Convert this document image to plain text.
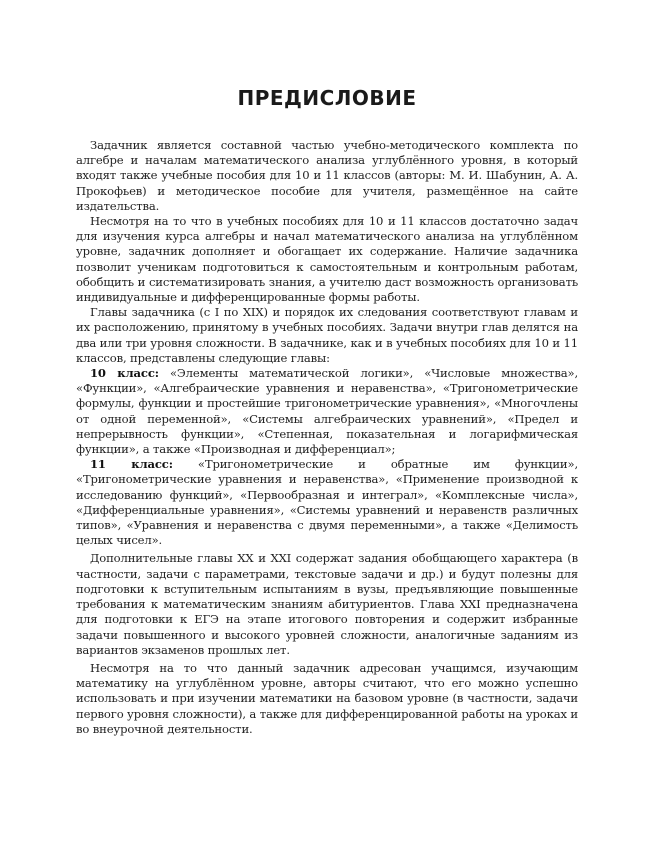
ПРЕДИСЛОВИЕ

Задачник является составной частью учебно-методического комплекта по алгебре и началам математического анализа углублённого уровня, в который входят также учебные пособия для 10 и 11 классов (авторы: М. И. Шабунин, А. А. Прокофьев) и методическое пособие для учителя, размещённое на сайте издательства.

Несмотря на то что в учебных пособиях для 10 и 11 классов достаточно задач для изучения курса алгебры и начал математического анализа на углублённом уровне, задачник дополняет и обогащает их содержание. Наличие задачника позволит ученикам подготовиться к самостоятельным и контрольным работам, обобщить и систематизировать знания, а учителю даст возможность организовать индивидуальные и дифференцированные формы работы.

Главы задачника (с I по XIX) и порядок их следования соответствуют главам и их расположению, принятому в учебных пособиях. Задачи внутри глав делятся на два или три уровня сложности. В задачнике, как и в учебных пособиях для 10 и 11 классов, представлены следующие главы:

10 класс: «Элементы математической логики», «Числовые множества», «Функции», «Алгебраические уравнения и неравенства», «Тригонометрические формулы, функции и простейшие тригонометрические уравнения», «Многочлены от одной переменной», «Системы алгебраических уравнений», «Предел и непрерывность функции», «Степенная, показательная и логарифмическая функции», а также «Производная и дифференциал»;

11 класс: «Тригонометрические и обратные им функции», «Тригонометрические уравнения и неравенства», «Применение производной к исследованию функций», «Первообразная и интеграл», «Комплексные числа», «Дифференциальные уравнения», «Системы уравнений и неравенств различных типов», «Уравнения и неравенства с двумя переменными», а также «Делимость целых чисел».

Дополнительные главы XX и XXI содержат задания обобщающего характера (в частности, задачи с параметрами, текстовые задачи и др.) и будут полезны для подготовки к вступительным испытаниям в вузы, предъявляющие повышенные требования к математическим знаниям абитуриентов. Глава XXI предназначена для подготовки к ЕГЭ на этапе итогового повторения и содержит избранные задачи повышенного и высокого уровней сложности, аналогичные заданиям из вариантов экзаменов прошлых лет.

Несмотря на то что данный задачник адресован учащимся, изучающим математику на углублённом уровне, авторы считают, что его можно успешно использовать и при изучении математики на базовом уровне (в частности, задачи первого уровня сложности), а также для дифференцированной работы на уроках и во внеурочной деятельности.
